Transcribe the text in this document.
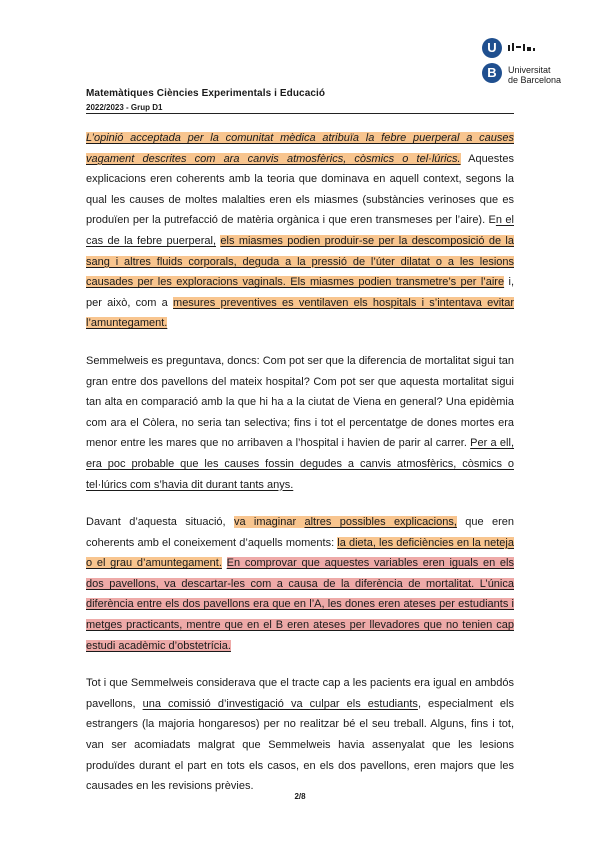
U
B	Universitat
de Barcelona
Matemàtiques Ciències Experimentals i Educació
2022/2023 - Grup D1

L’opinió acceptada per la comunitat mèdica atribuïa la febre puerperal a causes vagament descrites com ara canvis atmosfèrics, còsmics o tel·lúrics. Aquestes explicacions eren coherents amb la teoria que dominava en aquell context, segons la qual les causes de moltes malalties eren els miasmes (substàncies verinoses que es produïen per la putrefacció de matèria orgànica i que eren transmeses per l’aire). En el cas de la febre puerperal, els miasmes podien produir-se per la descomposició de la sang i altres fluids corporals, deguda a la pressió de l’úter dilatat o a les lesions causades per les exploracions vaginals. Els miasmes podien transmetre’s per l’aire i, per això, com a mesures preventives es ventilaven els hospitals i s’intentava evitar l’amuntegament.

Semmelweis es preguntava, doncs: Com pot ser que la diferencia de mortalitat sigui tan gran entre dos pavellons del mateix hospital? Com pot ser que aquesta mortalitat sigui tan alta en comparació amb la que hi ha a la ciutat de Viena en general? Una epidèmia com ara el Còlera, no seria tan selectiva; fins i tot el percentatge de dones mortes era menor entre les mares que no arribaven a l’hospital i havien de parir al carrer. Per a ell, era poc probable que les causes fossin degudes a canvis atmosfèrics, còsmics o tel·lúrics com s’havia dit durant tants anys.

Davant d’aquesta situació, va imaginar altres possibles explicacions, que eren coherents amb el coneixement d’aquells moments: la dieta, les deficiències en la neteja o el grau d’amuntegament. En comprovar que aquestes variables eren iguals en els dos pavellons, va descartar-les com a causa de la diferència de mortalitat. L’única diferència entre els dos pavellons era que en l’A, les dones eren ateses per estudiants i metges practicants, mentre que en el B eren ateses per llevadores que no tenien cap estudi acadèmic d’obstetrícia.

Tot i que Semmelweis considerava que el tracte cap a les pacients era igual en ambdós pavellons, una comissió d’investigació va culpar els estudiants, especialment els estrangers (la majoria hongaresos) per no realitzar bé el seu treball. Alguns, fins i tot, van ser acomiadats malgrat que Semmelweis havia assenyalat que les lesions produïdes durant el part en tots els casos, en els dos pavellons, eren majors que les causades en les revisions prèvies.

2/8
